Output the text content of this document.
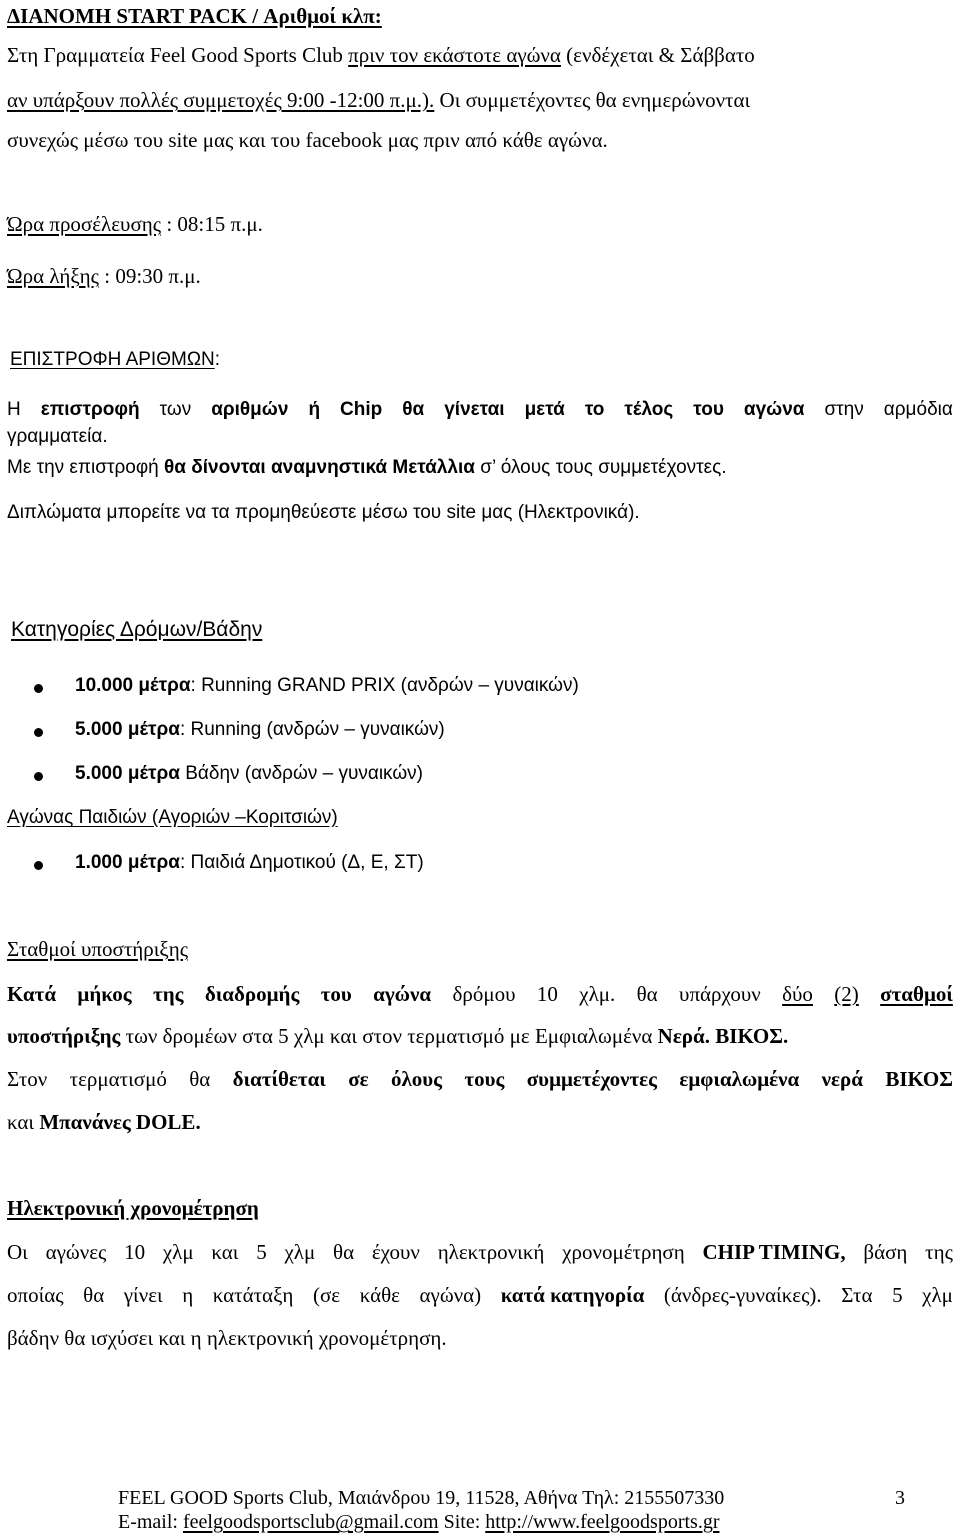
ΔΙΑΝΟΜΗ START PACK / Αριθμοί κλπ:
Στη Γραμματεία Feel Good Sports Club πριν τον εκάστοτε αγώνα (ενδέχεται & Σάββατο
αν υπάρξουν πολλές συμμετοχές 9:00 -12:00 π.μ.). Οι συμμετέχοντες θα ενημερώνονται
συνεχώς μέσω του site μας και του facebook μας πριν από κάθε αγώνα.
Ώρα προσέλευσης : 08:15 π.μ.
Ώρα λήξης : 09:30 π.μ.
ΕΠΙΣΤΡΟΦΗ ΑΡΙΘΜΩΝ:
Η επιστροφή των αριθμών ή Chip θα γίνεται μετά το τέλος του αγώνα στην αρμόδια
γραμματεία.
Με την επιστροφή θα δίνονται αναμνηστικά Μετάλλια σ’ όλους τους συμμετέχοντες.
Διπλώματα μπορείτε να τα προμηθεύεστε μέσω του site μας (Ηλεκτρονικά).
Κατηγορίες Δρόμων/Βάδην
10.000 μέτρα: Running GRAND PRIX (ανδρών – γυναικών)
5.000 μέτρα: Running (ανδρών – γυναικών)
5.000 μέτρα Βάδην (ανδρών – γυναικών)
Αγώνας Παιδιών (Αγοριών –Κοριτσιών)
1.000 μέτρα: Παιδιά Δημοτικού (Δ, Ε, ΣΤ)
Σταθμοί υποστήριξης
Κατά μήκος της διαδρομής του αγώνα δρόμου 10 χλμ. θα υπάρχουν δύο (2) σταθμοί
υποστήριξης των δρομέων στα 5 χλμ και στον τερματισμό με Εμφιαλωμένα Νερά. ΒΙΚΟΣ.
Στον τερματισμό θα διατίθεται σε όλους τους συμμετέχοντες εμφιαλωμένα νερά ΒΙΚΟΣ
και Μπανάνες DOLE.
Ηλεκτρονική χρονομέτρηση
Οι αγώνες 10 χλμ και 5 χλμ θα έχουν ηλεκτρονική χρονομέτρηση CHIP TIMING, βάση της
οποίας θα γίνει η κατάταξη (σε κάθε αγώνα) κατά κατηγορία (άνδρες-γυναίκες). Στα 5 χλμ
βάδην θα ισχύσει και η ηλεκτρονική χρονομέτρηση.
FEEL GOOD Sports Club, Μαιάνδρου 19, 11528, Αθήνα Τηλ: 2155507330	3
E-mail: feelgoodsportsclub@gmail.com Site: http://www.feelgoodsports.gr
